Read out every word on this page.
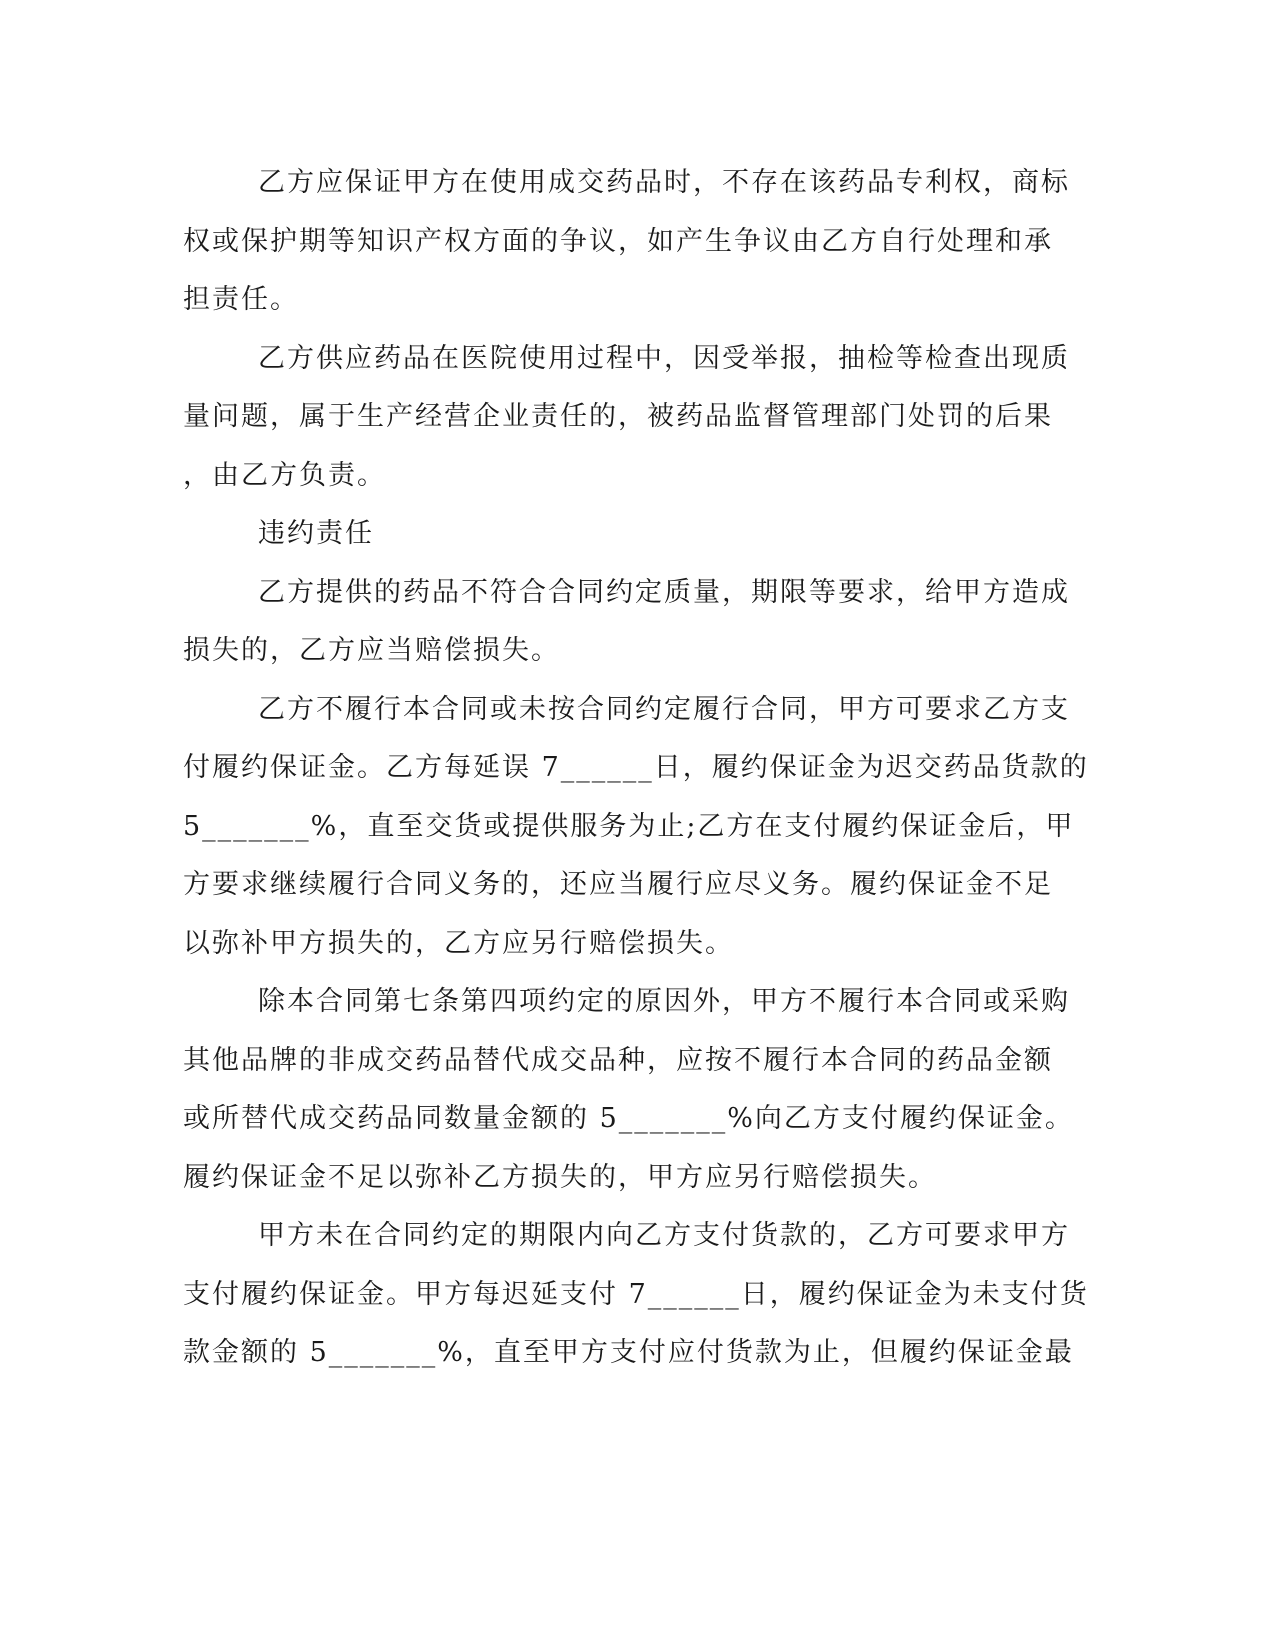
乙方应保证甲方在使用成交药品时，不存在该药品专利权，商标
权或保护期等知识产权方面的争议，如产生争议由乙方自行处理和承
担责任。
乙方供应药品在医院使用过程中，因受举报，抽检等检查出现质
量问题，属于生产经营企业责任的，被药品监督管理部门处罚的后果
，由乙方负责。
违约责任
乙方提供的药品不符合合同约定质量，期限等要求，给甲方造成
损失的，乙方应当赔偿损失。
乙方不履行本合同或未按合同约定履行合同，甲方可要求乙方支
付履约保证金。乙方每延误 7______日，履约保证金为迟交药品货款的
5_______%，直至交货或提供服务为止;乙方在支付履约保证金后，甲
方要求继续履行合同义务的，还应当履行应尽义务。履约保证金不足
以弥补甲方损失的，乙方应另行赔偿损失。
除本合同第七条第四项约定的原因外，甲方不履行本合同或采购
其他品牌的非成交药品替代成交品种，应按不履行本合同的药品金额
或所替代成交药品同数量金额的 5_______%向乙方支付履约保证金。
履约保证金不足以弥补乙方损失的，甲方应另行赔偿损失。
甲方未在合同约定的期限内向乙方支付货款的，乙方可要求甲方
支付履约保证金。甲方每迟延支付 7______日，履约保证金为未支付货
款金额的 5_______%，直至甲方支付应付货款为止，但履约保证金最
